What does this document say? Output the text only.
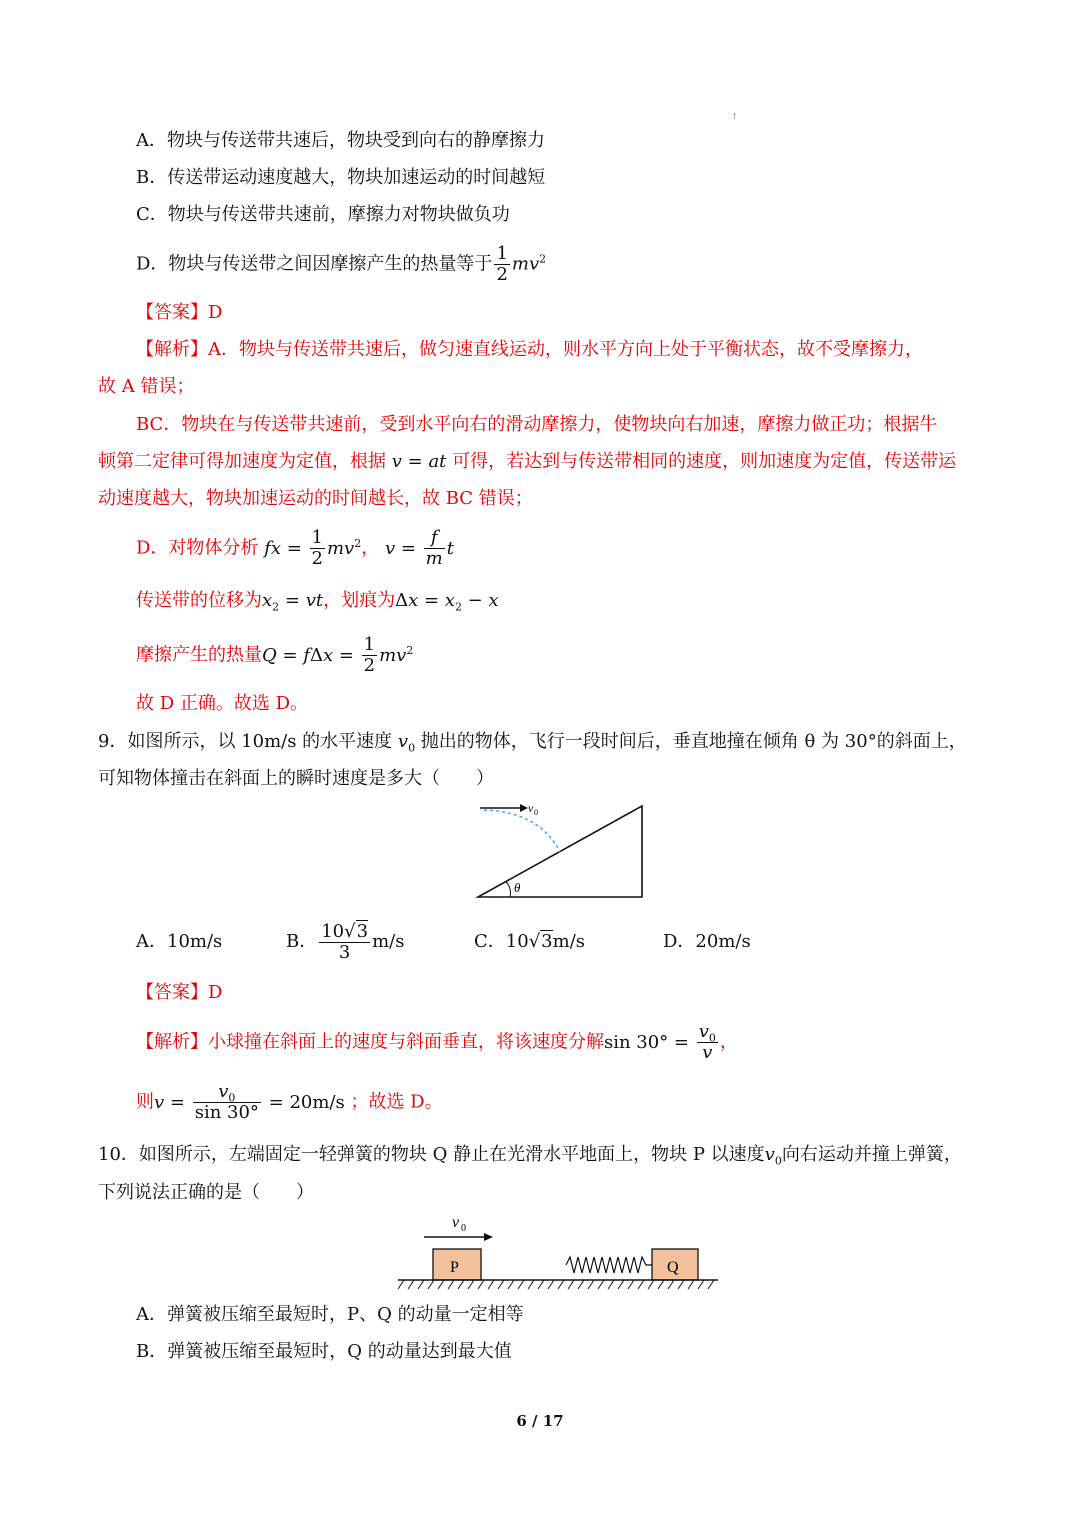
!
A．物块与传送带共速后，物块受到向右的静摩擦力
B．传送带运动速度越大，物块加速运动的时间越短
C．物块与传送带共速前，摩擦力对物块做负功
D．物块与传送带之间因摩擦产生的热量等于 $\frac{1}{2} mv^2$
【答案】D
【解析】A．物块与传送带共速后，做匀速直线运动，则水平方向上处于平衡状态，故不受摩擦力，
故 A 错误；
BC．物块在与传送带共速前，受到水平向右的滑动摩擦力，使物块向右加速，摩擦力做正功；根据牛
顿第二定律可得加速度为定值，根据 v = at 可得，若达到与传送带相同的速度，则加速度为定值，传送带运
动速度越大，物块加速运动的时间越长，故 BC 错误；
D．对物体分析 fx = $\frac{1}{2} mv^2$， $v = \frac{f}{m}$ t
传送带的位移为$x_2$ = vt，划痕为$\Delta x = x_2 - x$
摩擦产生的热量$Q = f\Delta x = \frac{1}{2} mv^2$
故 D 正确。故选 D。
9．如图所示，以 10m/s 的水平速度 $v_0$ 抛出的物体，飞行一段时间后，垂直地撞在倾角 θ 为 30°的斜面上，
可知物体撞击在斜面上的瞬时速度是多大（　　）
v 0
θ
A．10m/s	B． $\frac{10√3}{3} m/s$	C．10√3m/s	D．20m/s
【答案】D
【解析】小球撞在斜面上的速度与斜面垂直，将该速度分解$\sin 30^\circ = \frac{v_0}{v}$ ，
则$v = \frac{v_0}{\sin 30^\circ} = 20m/s$ ；故选 D。
10．如图所示，左端固定一轻弹簧的物块 Q 静止在光滑水平地面上，物块 P 以速度$v_0$向右运动并撞上弹簧，
下列说法正确的是（　　）
v 0
P	Q
A．弹簧被压缩至最短时，P、Q 的动量一定相等
B．弹簧被压缩至最短时，Q 的动量达到最大值
6 / 17
